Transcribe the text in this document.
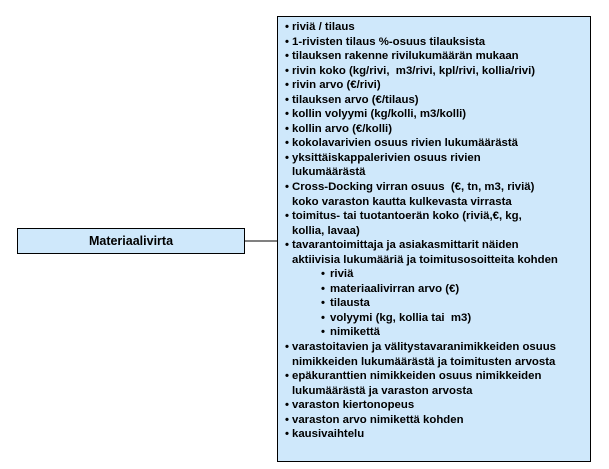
Materiaalivirta
• riviä / tilaus
• 1-rivisten tilaus %-osuus tilauksista
• tilauksen rakenne rivilukumäärän mukaan
• rivin koko (kg/rivi,  m3/rivi, kpl/rivi, kollia/rivi)
• rivin arvo (€/rivi)
• tilauksen arvo (€/tilaus)
• kollin volyymi (kg/kolli, m3/kolli)
• kollin arvo (€/kolli)
• kokolavarivien osuus rivien lukumäärästä
• yksittäiskappalerivien osuus rivien
lukumäärästä
• Cross-Docking virran osuus  (€, tn, m3, riviä)
koko varaston kautta kulkevasta virrasta
• toimitus- tai tuotantoerän koko (riviä,€, kg,
kollia, lavaa)
• tavarantoimittaja ja asiakasmittarit näiden
aktiivisia lukumääriä ja toimitusosoitteita kohden
• riviä
• materiaalivirran arvo (€)
• tilausta
• volyymi (kg, kollia tai  m3)
• nimikettä
• varastoitavien ja välitystavaranimikkeiden osuus
nimikkeiden lukumäärästä ja toimitusten arvosta
• epäkuranttien nimikkeiden osuus nimikkeiden
lukumäärästä ja varaston arvosta
• varaston kiertonopeus
• varaston arvo nimikettä kohden
• kausivaihtelu
